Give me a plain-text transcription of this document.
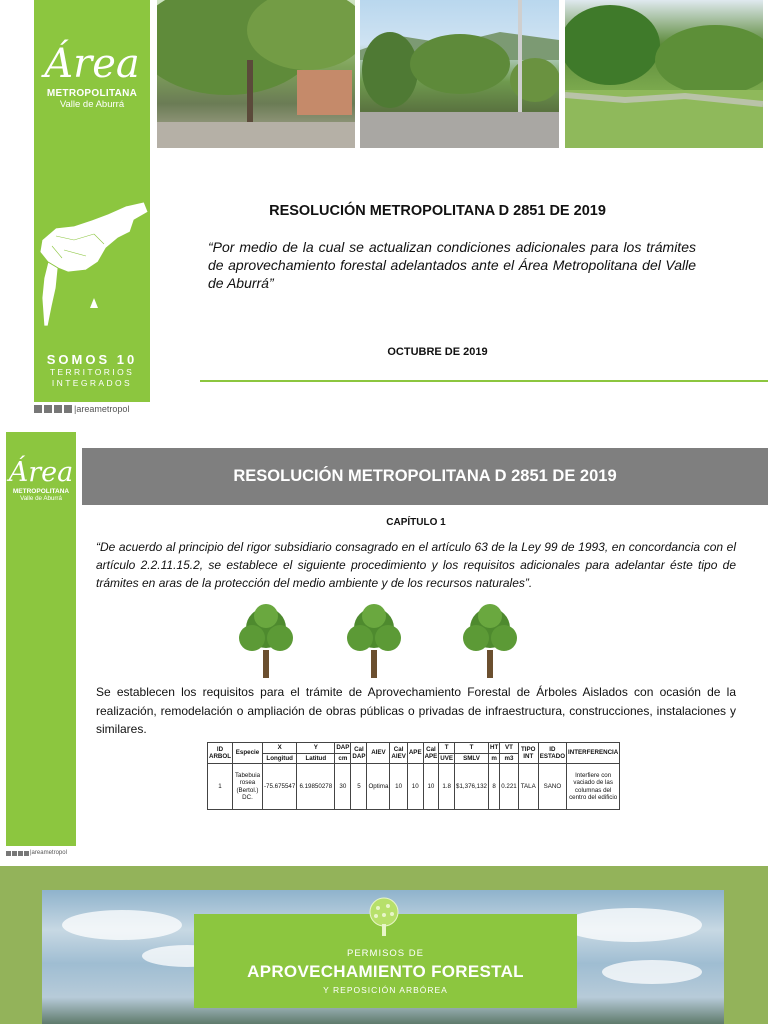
Área
METROPOLITANA
Valle de Aburrá
SOMOS 10
TERRITORIOS
INTEGRADOS
|areametropol
RESOLUCIÓN METROPOLITANA D 2851 DE 2019
“Por medio de la cual se actualizan condiciones adicionales para los trámites de aprovechamiento forestal adelantados ante el Área Metropolitana del Valle de Aburrá”
OCTUBRE DE 2019
Área
METROPOLITANA
Valle de Aburrá
|areametropol
RESOLUCIÓN METROPOLITANA D 2851 DE 2019
CAPÍTULO 1
“De acuerdo al principio del rigor subsidiario consagrado en el artículo 63 de la Ley 99 de 1993, en concordancia con el artículo 2.2.11.15.2, se establece el siguiente procedimiento y los requisitos adicionales para adelantar éste tipo de trámites en aras de la protección del medio ambiente y de los recursos naturales”.
Se establecen los requisitos para el trámite de Aprovechamiento Forestal de Árboles Aislados con ocasión de la realización, remodelación o ampliación de obras públicas o privadas de infraestructura, construcciones, instalaciones y similares.
ID ARBOL	Especie	X	Y	DAP	Cal DAP	AIEV	Cal AIEV	APE	Cal APE	T	T	HT	VT	TIPO INT	ID ESTADO	INTERFERENCIA
		Longitud	Latitud	cm						UVE	SMLV	m	m3			
1	Tabebuia rosea (Bertol.) DC.	-75.675547	6.19850278	30	5	Optima	10	10	10	1.8	$1,376,132	8	0.221	TALA	SANO	Interfiere con vaciado de las columnas del centro del edificio
PERMISOS DE
APROVECHAMIENTO FORESTAL
Y REPOSICIÓN ARBÓREA
